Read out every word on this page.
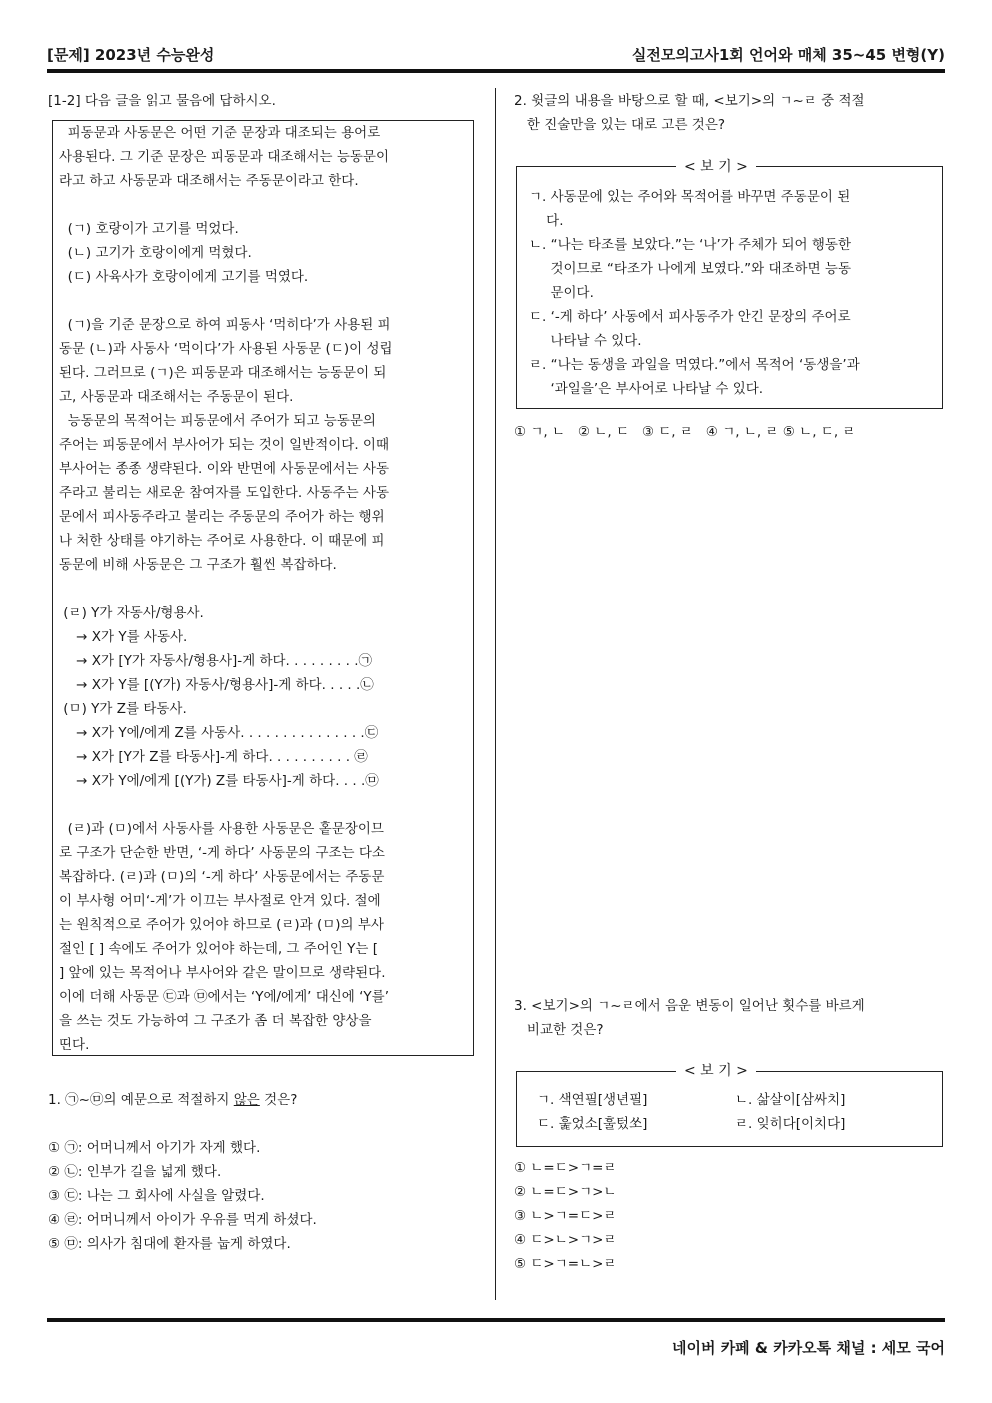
[문제] 2023년 수능완성	실전모의고사1회 언어와 매체 35~45 변형(Y)
[1-2] 다음 글을 읽고 물음에 답하시오.
피동문과 사동문은 어떤 기준 문장과 대조되는 용어로
사용된다. 그 기준 문장은 피동문과 대조해서는 능동문이
라고 하고 사동문과 대조해서는 주동문이라고 한다.
(ㄱ) 호랑이가 고기를 먹었다.
(ㄴ) 고기가 호랑이에게 먹혔다.
(ㄷ) 사육사가 호랑이에게 고기를 먹였다.
(ㄱ)을 기준 문장으로 하여 피동사 ‘먹히다’가 사용된 피
동문 (ㄴ)과 사동사 ‘먹이다’가 사용된 사동문 (ㄷ)이 성립
된다. 그러므로 (ㄱ)은 피동문과 대조해서는 능동문이 되
고, 사동문과 대조해서는 주동문이 된다.
능동문의 목적어는 피동문에서 주어가 되고 능동문의
주어는 피동문에서 부사어가 되는 것이 일반적이다. 이때
부사어는 종종 생략된다. 이와 반면에 사동문에서는 사동
주라고 불리는 새로운 참여자를 도입한다. 사동주는 사동
문에서 피사동주라고 불리는 주동문의 주어가 하는 행위
나 처한 상태를 야기하는 주어로 사용한다. 이 때문에 피
동문에 비해 사동문은 그 구조가 훨씬 복잡하다.
(ㄹ) Y가 자동사/형용사.
→ X가 Y를 사동사.
→ X가 [Y가 자동사/형용사]-게 하다. . . . . . . . .㉠
→ X가 Y를 [(Y가) 자동사/형용사]-게 하다. . . . .㉡
(ㅁ) Y가 Z를 타동사.
→ X가 Y에/에게 Z를 사동사. . . . . . . . . . . . . . .㉢
→ X가 [Y가 Z를 타동사]-게 하다. . . . . . . . . . ㉣
→ X가 Y에/에게 [(Y가) Z를 타동사]-게 하다. . . .㉤
(ㄹ)과 (ㅁ)에서 사동사를 사용한 사동문은 홑문장이므
로 구조가 단순한 반면, ‘-게 하다’ 사동문의 구조는 다소
복잡하다. (ㄹ)과 (ㅁ)의 ‘-게 하다’ 사동문에서는 주동문
이 부사형 어미‘-게’가 이끄는 부사절로 안겨 있다. 절에
는 원칙적으로 주어가 있어야 하므로 (ㄹ)과 (ㅁ)의 부사
절인 [ ] 속에도 주어가 있어야 하는데, 그 주어인 Y는 [
] 앞에 있는 목적어나 부사어와 같은 말이므로 생략된다.
이에 더해 사동문 ㉢과 ㉤에서는 ‘Y에/에게’ 대신에 ‘Y를’
을 쓰는 것도 가능하여 그 구조가 좀 더 복잡한 양상을
띤다.
1. ㉠~㉤의 예문으로 적절하지 않은 것은?
① ㉠: 어머니께서 아기가 자게 했다.
② ㉡: 인부가 길을 넓게 했다.
③ ㉢: 나는 그 회사에 사실을 알렸다.
④ ㉣: 어머니께서 아이가 우유를 먹게 하셨다.
⑤ ㉤: 의사가 침대에 환자를 눕게 하였다.
2. 윗글의 내용을 바탕으로 할 때, <보기>의 ㄱ~ㄹ 중 적절
한 진술만을 있는 대로 고른 것은?
ㄱ. 사동문에 있는 주어와 목적어를 바꾸면 주동문이 된
다.
ㄴ. “나는 타조를 보았다.”는 ‘나’가 주체가 되어 행동한
것이므로 “타조가 나에게 보였다.”와 대조하면 능동
문이다.
ㄷ. ‘-게 하다’ 사동에서 피사동주가 안긴 문장의 주어로
나타날 수 있다.
ㄹ. “나는 동생을 과일을 먹였다.”에서 목적어 ‘동생을’과
‘과일을’은 부사어로 나타날 수 있다.
< 보 기 >
① ㄱ, ㄴ   ② ㄴ, ㄷ   ③ ㄷ, ㄹ   ④ ㄱ, ㄴ, ㄹ ⑤ ㄴ, ㄷ, ㄹ
3. <보기>의 ㄱ~ㄹ에서 음운 변동이 일어난 횟수를 바르게
비교한 것은?
ㄱ. 색연필[생년필]	ㄴ. 삶살이[삼싸치]
ㄷ. 훑었소[훌텄쏘]	ㄹ. 잊히다[이치다]
< 보 기 >
① ㄴ=ㄷ>ㄱ=ㄹ
② ㄴ=ㄷ>ㄱ>ㄴ
③ ㄴ>ㄱ=ㄷ>ㄹ
④ ㄷ>ㄴ>ㄱ>ㄹ
⑤ ㄷ>ㄱ=ㄴ>ㄹ
네이버 카페 & 카카오톡 채널 : 세모 국어
